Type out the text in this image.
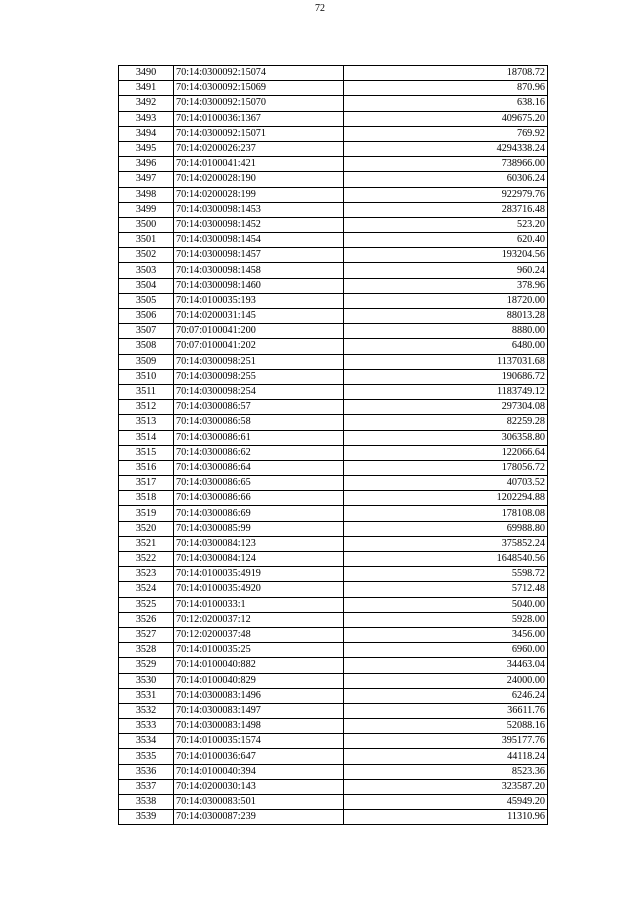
72
3490	70:14:0300092:15074	18708.72
3491	70:14:0300092:15069	870.96
3492	70:14:0300092:15070	638.16
3493	70:14:0100036:1367	409675.20
3494	70:14:0300092:15071	769.92
3495	70:14:0200026:237	4294338.24
3496	70:14:0100041:421	738966.00
3497	70:14:0200028:190	60306.24
3498	70:14:0200028:199	922979.76
3499	70:14:0300098:1453	283716.48
3500	70:14:0300098:1452	523.20
3501	70:14:0300098:1454	620.40
3502	70:14:0300098:1457	193204.56
3503	70:14:0300098:1458	960.24
3504	70:14:0300098:1460	378.96
3505	70:14:0100035:193	18720.00
3506	70:14:0200031:145	88013.28
3507	70:07:0100041:200	8880.00
3508	70:07:0100041:202	6480.00
3509	70:14:0300098:251	1137031.68
3510	70:14:0300098:255	190686.72
3511	70:14:0300098:254	1183749.12
3512	70:14:0300086:57	297304.08
3513	70:14:0300086:58	82259.28
3514	70:14:0300086:61	306358.80
3515	70:14:0300086:62	122066.64
3516	70:14:0300086:64	178056.72
3517	70:14:0300086:65	40703.52
3518	70:14:0300086:66	1202294.88
3519	70:14:0300086:69	178108.08
3520	70:14:0300085:99	69988.80
3521	70:14:0300084:123	375852.24
3522	70:14:0300084:124	1648540.56
3523	70:14:0100035:4919	5598.72
3524	70:14:0100035:4920	5712.48
3525	70:14:0100033:1	5040.00
3526	70:12:0200037:12	5928.00
3527	70:12:0200037:48	3456.00
3528	70:14:0100035:25	6960.00
3529	70:14:0100040:882	34463.04
3530	70:14:0100040:829	24000.00
3531	70:14:0300083:1496	6246.24
3532	70:14:0300083:1497	36611.76
3533	70:14:0300083:1498	52088.16
3534	70:14:0100035:1574	395177.76
3535	70:14:0100036:647	44118.24
3536	70:14:0100040:394	8523.36
3537	70:14:0200030:143	323587.20
3538	70:14:0300083:501	45949.20
3539	70:14:0300087:239	11310.96
